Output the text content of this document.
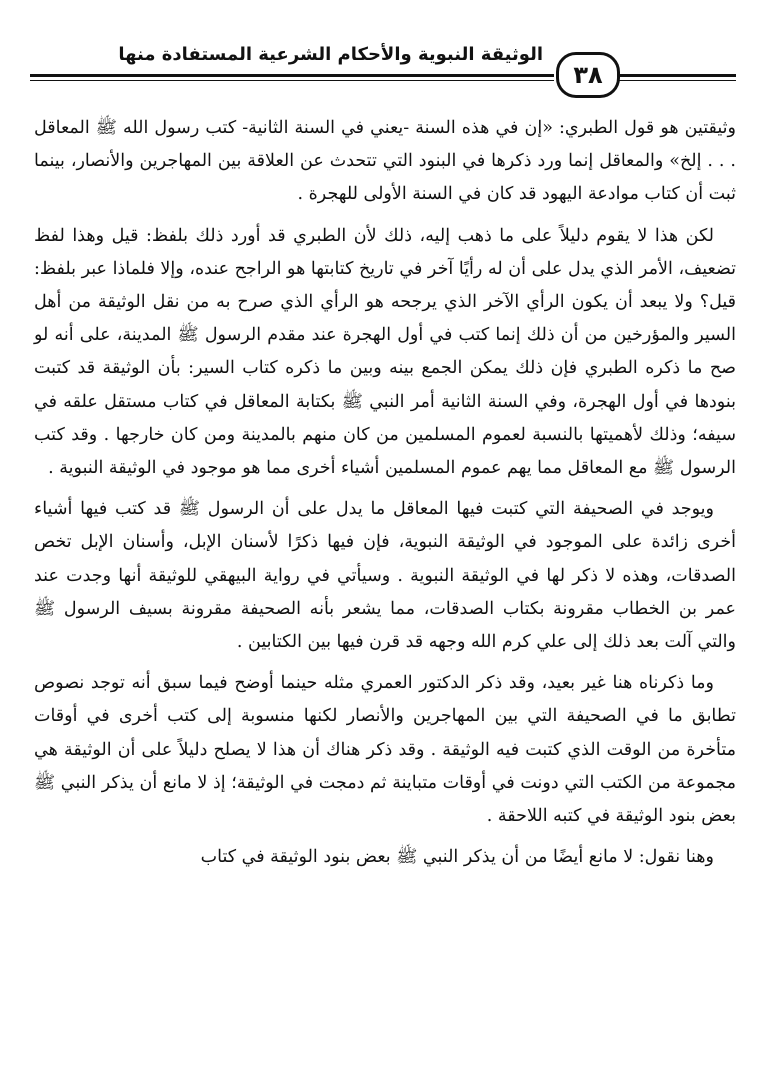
الوثيقة النبوية والأحكام الشرعية المستفادة منها
٣٨

وثيقتين هو قول الطبري: «إن في هذه السنة -يعني في السنة الثانية- كتب رسول الله ﷺ المعاقل . . . إلخ» والمعاقل إنما ورد ذكرها في البنود التي تتحدث عن العلاقة بين المهاجرين والأنصار، بينما ثبت أن كتاب موادعة اليهود قد كان في السنة الأولى للهجرة .

لكن هذا لا يقوم دليلاً على ما ذهب إليه، ذلك لأن الطبري قد أورد ذلك بلفظ: قيل وهذا لفظ تضعيف، الأمر الذي يدل على أن له رأيًا آخر في تاريخ كتابتها هو الراجح عنده، وإلا فلماذا عبر بلفظ: قيل؟ ولا يبعد أن يكون الرأي الآخر الذي يرجحه هو الرأي الذي صرح به من نقل الوثيقة من أهل السير والمؤرخين من أن ذلك إنما كتب في أول الهجرة عند مقدم الرسول ﷺ المدينة، على أنه لو صح ما ذكره الطبري فإن ذلك يمكن الجمع بينه وبين ما ذكره كتاب السير: بأن الوثيقة قد كتبت بنودها في أول الهجرة، وفي السنة الثانية أمر النبي ﷺ بكتابة المعاقل في كتاب مستقل علقه في سيفه؛ وذلك لأهميتها بالنسبة لعموم المسلمين من كان منهم بالمدينة ومن كان خارجها . وقد كتب الرسول ﷺ مع المعاقل مما يهم عموم المسلمين أشياء أخرى مما هو موجود في الوثيقة النبوية .

ويوجد في الصحيفة التي كتبت فيها المعاقل ما يدل على أن الرسول ﷺ قد كتب فيها أشياء أخرى زائدة على الموجود في الوثيقة النبوية، فإن فيها ذكرًا لأسنان الإبل، وأسنان الإبل تخص الصدقات، وهذه لا ذكر لها في الوثيقة النبوية . وسيأتي في رواية البيهقي للوثيقة أنها وجدت عند عمر بن الخطاب مقرونة بكتاب الصدقات، مما يشعر بأنه الصحيفة مقرونة بسيف الرسول ﷺ والتي آلت بعد ذلك إلى علي كرم الله وجهه قد قرن فيها بين الكتابين .

وما ذكرناه هنا غير بعيد، وقد ذكر الدكتور العمري مثله حينما أوضح فيما سبق أنه توجد نصوص تطابق ما في الصحيفة التي بين المهاجرين والأنصار لكنها منسوبة إلى كتب أخرى في أوقات متأخرة من الوقت الذي كتبت فيه الوثيقة . وقد ذكر هناك أن هذا لا يصلح دليلاً على أن الوثيقة هي مجموعة من الكتب التي دونت في أوقات متباينة ثم دمجت في الوثيقة؛ إذ لا مانع أن يذكر النبي ﷺ بعض بنود الوثيقة في كتبه اللاحقة .

وهنا نقول: لا مانع أيضًا من أن يذكر النبي ﷺ بعض بنود الوثيقة في كتاب
